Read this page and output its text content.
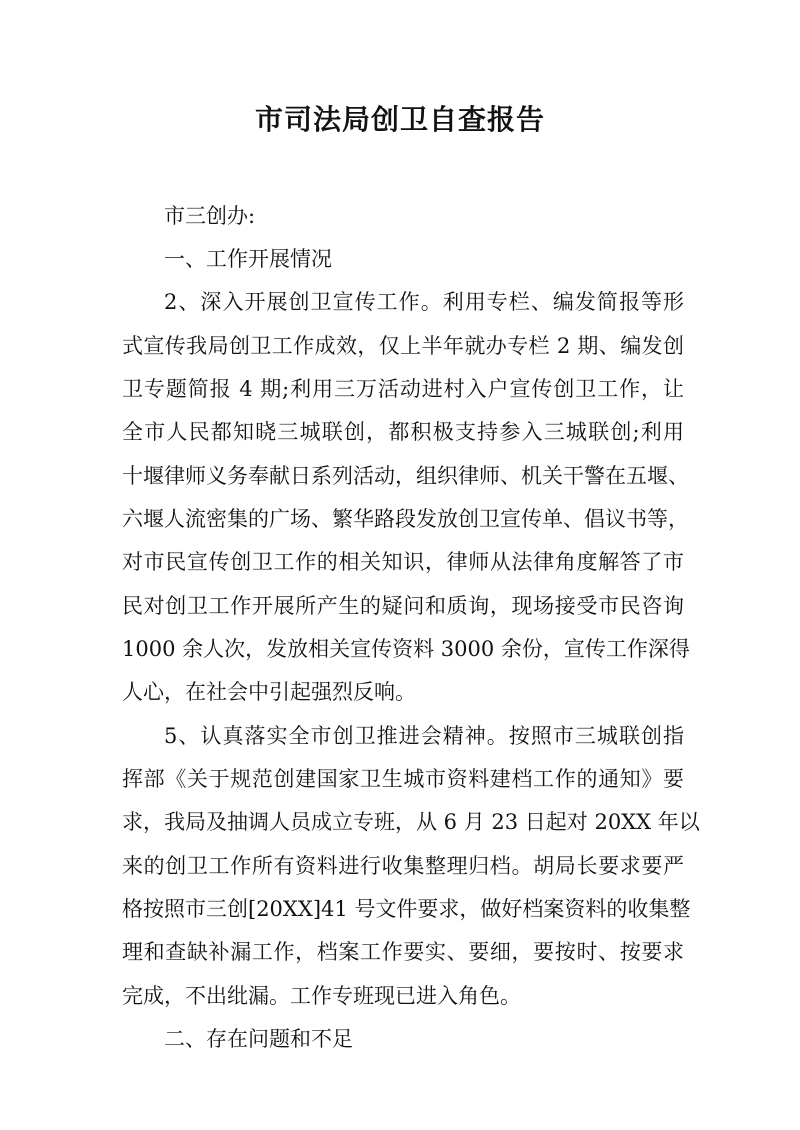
市司法局创卫自查报告

市三创办:

一、工作开展情况

2、深入开展创卫宣传工作。利用专栏、编发简报等形

式宣传我局创卫工作成效，仅上半年就办专栏 2 期、编发创

卫专题简报 4 期;利用三万活动进村入户宣传创卫工作，让

全市人民都知晓三城联创，都积极支持参入三城联创;利用

十堰律师义务奉献日系列活动，组织律师、机关干警在五堰、

六堰人流密集的广场、繁华路段发放创卫宣传单、倡议书等，

对市民宣传创卫工作的相关知识，律师从法律角度解答了市

民对创卫工作开展所产生的疑问和质询，现场接受市民咨询

1000 余人次，发放相关宣传资料 3000 余份，宣传工作深得

人心，在社会中引起强烈反响。

5、认真落实全市创卫推进会精神。按照市三城联创指

挥部《关于规范创建国家卫生城市资料建档工作的通知》要

求，我局及抽调人员成立专班，从 6 月 23 日起对 20XX 年以

来的创卫工作所有资料进行收集整理归档。胡局长要求要严

格按照市三创[20XX]41 号文件要求，做好档案资料的收集整

理和查缺补漏工作，档案工作要实、要细，要按时、按要求

完成，不出纰漏。工作专班现已进入角色。

二、存在问题和不足
